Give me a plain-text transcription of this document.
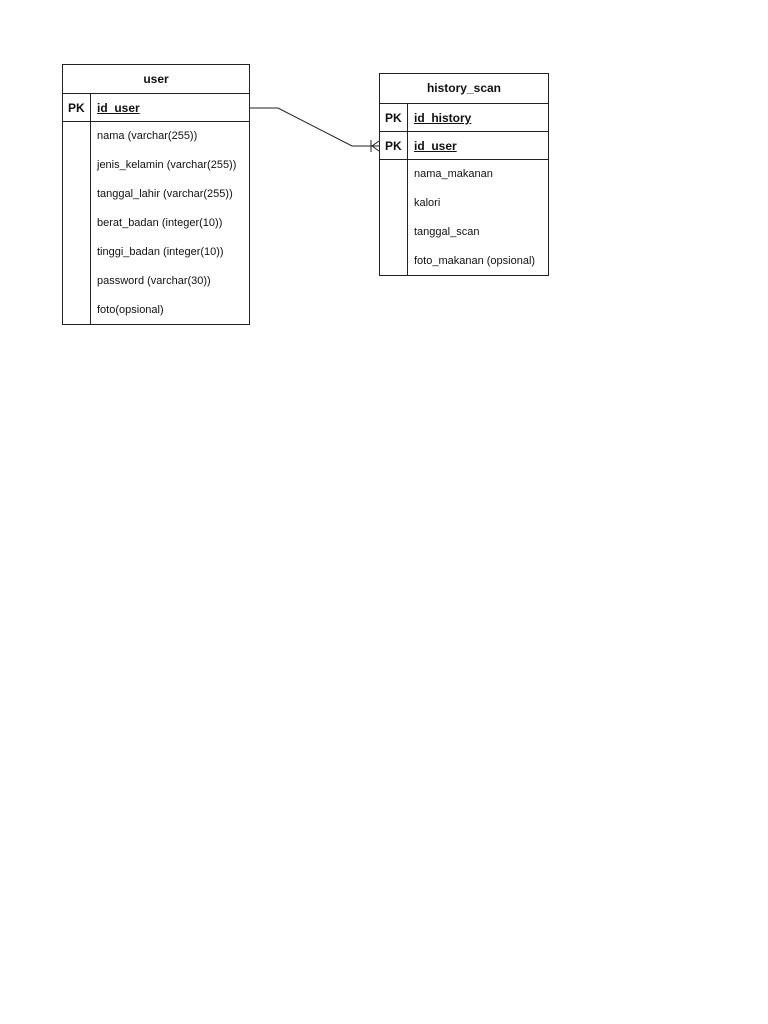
user
PK	id_user
nama (varchar(255))
jenis_kelamin (varchar(255))
tanggal_lahir (varchar(255))
berat_badan (integer(10))
tinggi_badan (integer(10))
password (varchar(30))
foto(opsional)
history_scan
PK	id_history
PK	id_user
nama_makanan
kalori
tanggal_scan
foto_makanan (opsional)
